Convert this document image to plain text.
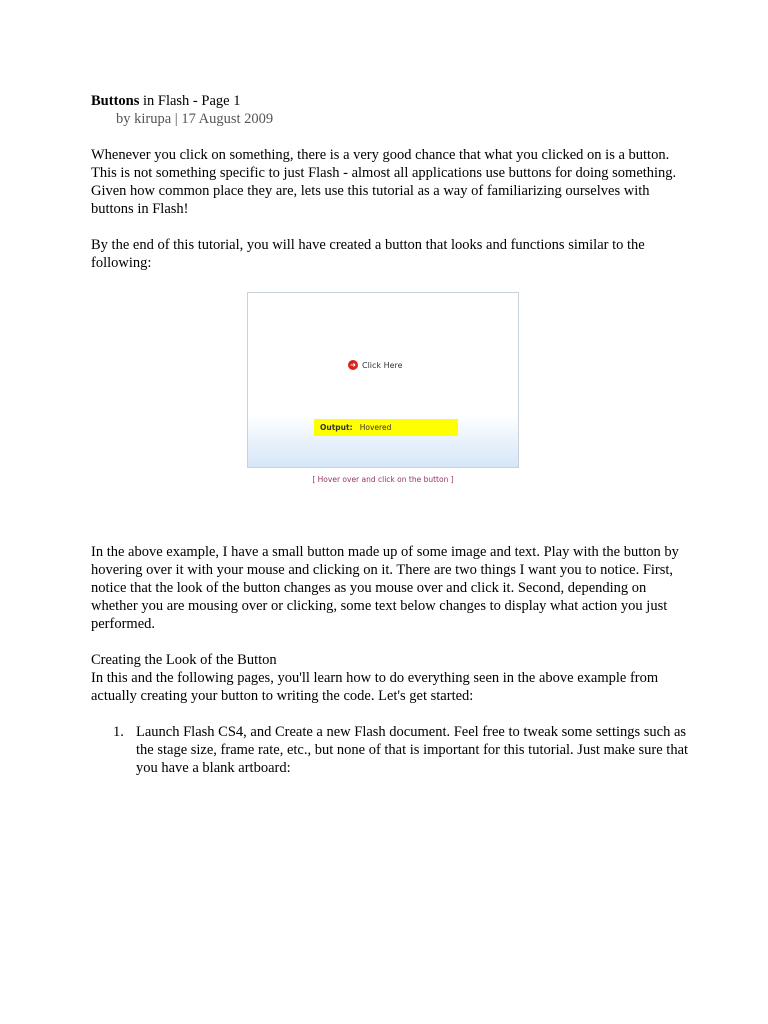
Buttons in Flash - Page 1

by kirupa | 17 August 2009

Whenever you click on something, there is a very good chance that what you clicked on is a button. This is not something specific to just Flash - almost all applications use buttons for doing something. Given how common place they are, lets use this tutorial as a way of familiarizing ourselves with buttons in Flash!

By the end of this tutorial, you will have created a button that looks and functions similar to the following:

In the above example, I have a small button made up of some image and text. Play with the button by hovering over it with your mouse and clicking on it. There are two things I want you to notice. First, notice that the look of the button changes as you mouse over and click it. Second, depending on whether you are mousing over or clicking, some text below changes to display what action you just performed.

Creating the Look of the Button

In this and the following pages, you'll learn how to do everything seen in the above example from actually creating your button to writing the code. Let's get started:

1. Launch Flash CS4, and Create a new Flash document. Feel free to tweak some settings such as the stage size, frame rate, etc., but none of that is important for this tutorial. Just make sure that you have a blank artboard:
➜ Click Here
Output: Hovered
[ Hover over and click on the button ]
